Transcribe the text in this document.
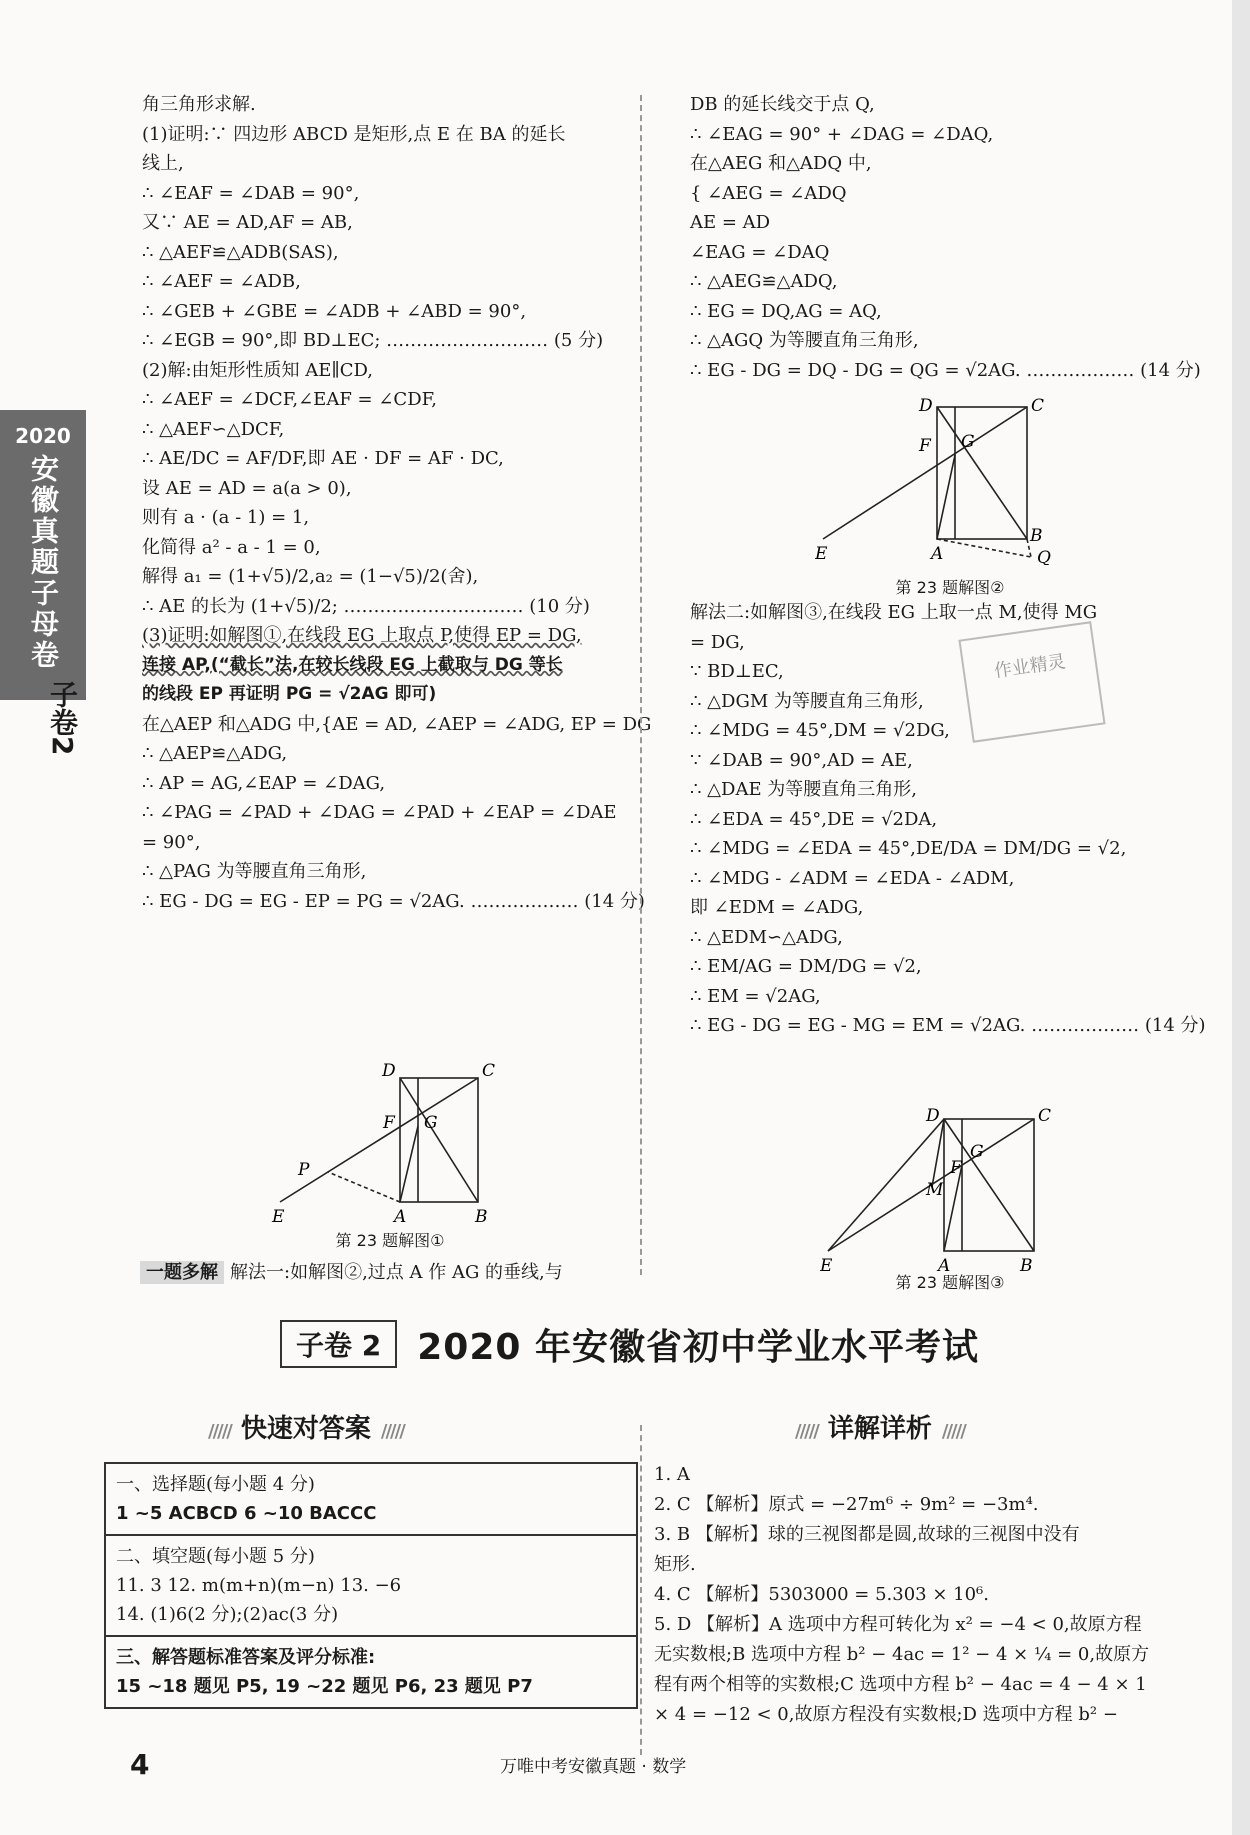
2020
安徽真题子母卷
子卷2
角三角形求解.
(1)证明:∵ 四边形 ABCD 是矩形,点 E 在 BA 的延长
线上,
∴ ∠EAF = ∠DAB = 90°,
又∵ AE = AD,AF = AB,
∴ △AEF≌△ADB(SAS),
∴ ∠AEF = ∠ADB,
∴ ∠GEB + ∠GBE = ∠ADB + ∠ABD = 90°,
∴ ∠EGB = 90°,即 BD⊥EC; ……………………… (5 分)
(2)解:由矩形性质知 AE∥CD,
∴ ∠AEF = ∠DCF,∠EAF = ∠CDF,
∴ △AEF∽△DCF,
∴ AE/DC = AF/DF,即 AE · DF = AF · DC,
设 AE = AD = a(a > 0),
则有 a · (a - 1) = 1,
化简得 a² - a - 1 = 0,
解得 a₁ = (1+√5)/2,a₂ = (1−√5)/2(舍),
∴ AE 的长为 (1+√5)/2; ………………………… (10 分)
(3)证明:如解图①,在线段 EG 上取点 P,使得 EP = DG,
连接 AP,(“截长”法,在较长线段 EG 上截取与 DG 等长
的线段 EP 再证明 PG = √2AG 即可)
在△AEP 和△ADG 中,{AE = AD, ∠AEP = ∠ADG, EP = DG
∴ △AEP≌△ADG,
∴ AP = AG,∠EAP = ∠DAG,
∴ ∠PAG = ∠PAD + ∠DAG = ∠PAD + ∠EAP = ∠DAE
= 90°,
∴ △PAG 为等腰直角三角形,
∴ EG - DG = EG - EP = PG = √2AG. ……………… (14 分)
D	C
F G
P
E	A	B
第 23 题解图①
一题多解 解法一:如解图②,过点 A 作 AG 的垂线,与
DB 的延长线交于点 Q,
∴ ∠EAG = 90° + ∠DAG = ∠DAQ,
在△AEG 和△ADQ 中,
{ ∠AEG = ∠ADQ
AE = AD
∠EAG = ∠DAQ
∴ △AEG≌△ADQ,
∴ EG = DQ,AG = AQ,
∴ △AGQ 为等腰直角三角形,
∴ EG - DG = DQ - DG = QG = √2AG. ……………… (14 分)
D	C
F G
E	A
B
Q
第 23 题解图②
解法二:如解图③,在线段 EG 上取一点 M,使得 MG
= DG,
∵ BD⊥EC,
∴ △DGM 为等腰直角三角形,
∴ ∠MDG = 45°,DM = √2DG,
∵ ∠DAB = 90°,AD = AE,
∴ △DAE 为等腰直角三角形,
∴ ∠EDA = 45°,DE = √2DA,
∴ ∠MDG = ∠EDA = 45°,DE/DA = DM/DG = √2,
∴ ∠MDG - ∠ADM = ∠EDA - ∠ADM,
即 ∠EDM = ∠ADG,
∴ △EDM∽△ADG,
∴ EM/AG = DM/DG = √2,
∴ EM = √2AG,
∴ EG - DG = EG - MG = EM = √2AG. ……………… (14 分)
作业精灵
D	C
F
G
M
E	A	B
第 23 题解图③
子卷 2	2020 年安徽省初中学业水平考试
///// 快速对答案 /////	///// 详解详析 /////
一、选择题(每小题 4 分)
1 ~5 ACBCD 6 ~10 BACCC
二、填空题(每小题 5 分)
11. 3 12. m(m+n)(m−n) 13. −6
14. (1)6(2 分);(2)ac(3 分)
三、解答题标准答案及评分标准:
15 ~18 题见 P5, 19 ~22 题见 P6, 23 题见 P7
1. A
2. C 【解析】原式 = −27m⁶ ÷ 9m² = −3m⁴.
3. B 【解析】球的三视图都是圆,故球的三视图中没有
矩形.
4. C 【解析】5303000 = 5.303 × 10⁶.
5. D 【解析】A 选项中方程可转化为 x² = −4 < 0,故原方程
无实数根;B 选项中方程 b² − 4ac = 1² − 4 × ¼ = 0,故原方
程有两个相等的实数根;C 选项中方程 b² − 4ac = 4 − 4 × 1
× 4 = −12 < 0,故原方程没有实数根;D 选项中方程 b² −
4	万唯中考安徽真题 · 数学
